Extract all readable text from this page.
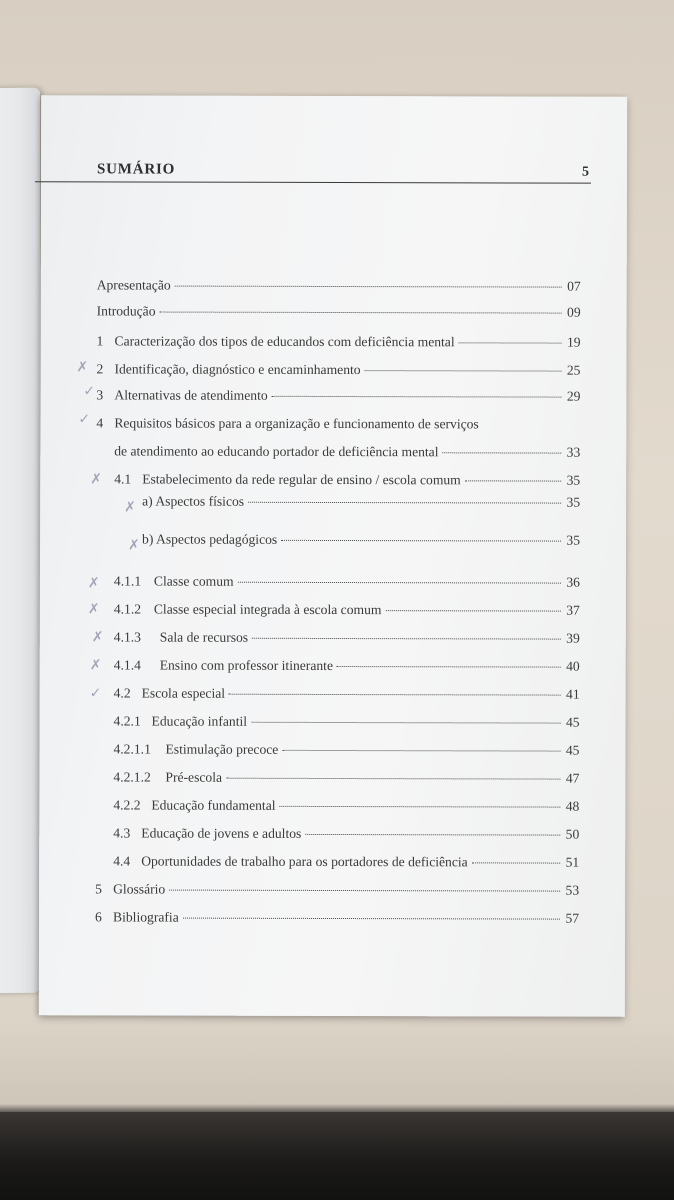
SUMÁRIO	5
✗
✓
✓
✗
✗
✗
✗
✗
✗
✗
✓
Apresentação	07
Introdução	09
1 Caracterização dos tipos de educandos com deficiência mental	19
2 Identificação, diagnóstico e encaminhamento	25
3 Alternativas de atendimento	29
4 Requisitos básicos para a organização e funcionamento de serviços
de atendimento ao educando portador de deficiência mental	33
4.1 Estabelecimento da rede regular de ensino / escola comum	35
a) Aspectos físicos	35
b) Aspectos pedagógicos	35
4.1.1 Classe comum	36
4.1.2 Classe especial integrada à escola comum	37
4.1.3	Sala de recursos	39
4.1.4	Ensino com professor itinerante	40
4.2 Escola especial	41
4.2.1 Educação infantil	45
4.2.1.1	Estimulação precoce	45
4.2.1.2	Pré-escola	47
4.2.2 Educação fundamental	48
4.3 Educação de jovens e adultos	50
4.4 Oportunidades de trabalho para os portadores de deficiência	51
5 Glossário	53
6 Bibliografia	57
